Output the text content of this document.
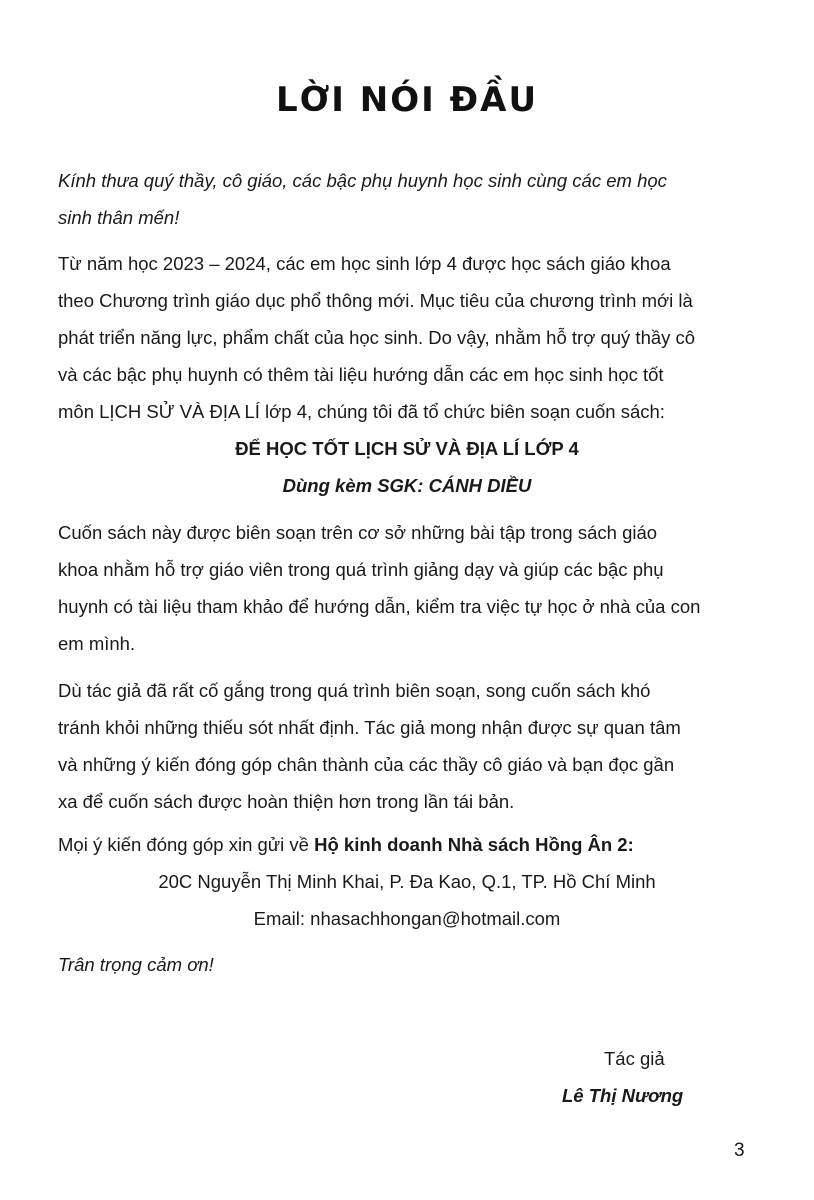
LỜI NÓI ĐẦU
Kính thưa quý thầy, cô giáo, các bậc phụ huynh học sinh cùng các em học
sinh thân mến!
Từ năm học 2023 – 2024, các em học sinh lớp 4 được học sách giáo khoa
theo Chương trình giáo dục phổ thông mới. Mục tiêu của chương trình mới là
phát triển năng lực, phẩm chất của học sinh. Do vậy, nhằm hỗ trợ quý thầy cô
và các bậc phụ huynh có thêm tài liệu hướng dẫn các em học sinh học tốt
môn LỊCH SỬ VÀ ĐỊA LÍ lớp 4, chúng tôi đã tổ chức biên soạn cuốn sách:
ĐỂ HỌC TỐT LỊCH SỬ VÀ ĐỊA LÍ LỚP 4
Dùng kèm SGK: CÁNH DIỀU
Cuốn sách này được biên soạn trên cơ sở những bài tập trong sách giáo
khoa nhằm hỗ trợ giáo viên trong quá trình giảng dạy và giúp các bậc phụ
huynh có tài liệu tham khảo để hướng dẫn, kiểm tra việc tự học ở nhà của con
em mình.
Dù tác giả đã rất cố gắng trong quá trình biên soạn, song cuốn sách khó
tránh khỏi những thiếu sót nhất định. Tác giả mong nhận được sự quan tâm
và những ý kiến đóng góp chân thành của các thầy cô giáo và bạn đọc gần
xa để cuốn sách được hoàn thiện hơn trong lần tái bản.
Mọi ý kiến đóng góp xin gửi về Hộ kinh doanh Nhà sách Hồng Ân 2:
20C Nguyễn Thị Minh Khai, P. Đa Kao, Q.1, TP. Hồ Chí Minh
Email: nhasachhongan@hotmail.com
Trân trọng cảm ơn!
Tác giả
Lê Thị Nương
3
